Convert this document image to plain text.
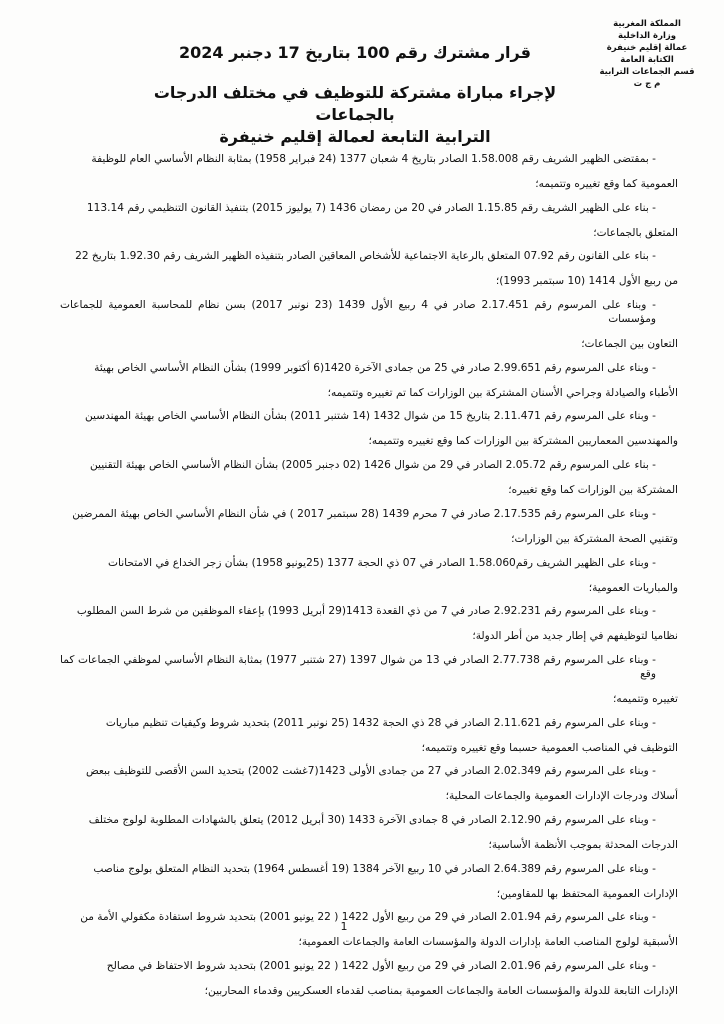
المملكة المغربية
وزارة الداخلية
عمالة إقليم خنيفرة
الكتابة العامة
قسم الجماعات الترابية
م ج ت

قرار مشترك رقم 100 بتاريخ 17 دجنبر 2024

لإجراء مباراة مشتركة للتوظيف في مختلف الدرجات بالجماعات

الترابية التابعة لعمالة إقليم خنيفرة

- بمقتضى الظهير الشريف رقم 1.58.008 الصادر بتاريخ 4 شعبان 1377 (24 فبراير 1958) بمثابة النظام الأساسي العام للوظيفة
العمومية كما وقع تغييره وتتميمه؛
- بناء على الظهير الشريف رقم 1.15.85 الصادر في 20 من رمضان 1436 (7 يوليوز 2015) بتنفيذ القانون التنظيمي رقم 113.14
المتعلق بالجماعات؛
- بناء على القانون رقم 07.92 المتعلق بالرعاية الاجتماعية للأشخاص المعاقين الصادر بتنفيذه الظهير الشريف رقم 1.92.30 بتاريخ 22
من ربيع الأول 1414 (10 سبتمبر 1993)؛
- وبناء على المرسوم رقم 2.17.451 صادر في 4 ربيع الأول 1439 (23 نونبر 2017) بسن نظام للمحاسبة العمومية للجماعات ومؤسسات
التعاون بين الجماعات؛
- وبناء على المرسوم رقم 2.99.651 صادر في 25 من جمادى الآخرة 1420(6 أكتوبر 1999) بشأن النظام الأساسي الخاص بهيئة
الأطباء والصيادلة وجراحي الأسنان المشتركة بين الوزارات كما تم تغييره وتتميمه؛
- وبناء على المرسوم رقم 2.11.471 بتاريخ 15 من شوال 1432 (14 شتنبر 2011) بشأن النظام الأساسي الخاص بهيئة المهندسين
والمهندسين المعماريين المشتركة بين الوزارات كما وقع تغييره وتتميمه؛
- بناء على المرسوم رقم 2.05.72 الصادر في 29 من شوال 1426 (02 دجنبر 2005) بشأن النظام الأساسي الخاص بهيئة التقنيين
المشتركة بين الوزارات كما وقع تغييره؛
- وبناء على المرسوم رقم 2.17.535 صادر في 7 محرم 1439 (28 سبتمبر 2017 ) في شأن النظام الأساسي الخاص بهيئة الممرضين
وتقنيي الصحة المشتركة بين الوزارات؛
- وبناء على الظهير الشريف رقم1.58.060 الصادر في 07 ذي الحجة 1377 (25يونيو 1958) بشأن زجر الخداع في الامتحانات
والمباريات العمومية؛
- وبناء على المرسوم رقم 2.92.231 صادر في 7 من ذي القعدة 1413(29 أبريل 1993) بإعفاء الموظفين من شرط السن المطلوب
نظاميا لتوظيفهم في إطار جديد من أطر الدولة؛
- وبناء على المرسوم رقم 2.77.738 الصادر في 13 من شوال 1397 (27 شتنبر 1977) بمثابة النظام الأساسي لموظفي الجماعات كما وقع
تغييره وتتميمه؛
- وبناء على المرسوم رقم 2.11.621 الصادر في 28 ذي الحجة 1432 (25 نونبر 2011) بتحديد شروط وكيفيات تنظيم مباريات
التوظيف في المناصب العمومية حسبما وقع تغييره وتتميمه؛
- وبناء على المرسوم رقم 2.02.349 الصادر في 27 من جمادى الأولى 1423(7غشت 2002) بتحديد السن الأقصى للتوظيف ببعض
أسلاك ودرجات الإدارات العمومية والجماعات المحلية؛
- وبناء على المرسوم رقم 2.12.90 الصادر في 8 جمادى الآخرة 1433 (30 أبريل 2012) يتعلق بالشهادات المطلوبة لولوج مختلف
الدرجات المحدثة بموجب الأنظمة الأساسية؛
- وبناء على المرسوم رقم 2.64.389 الصادر في 10 ربيع الآخر 1384 (19 أغسطس 1964) بتحديد النظام المتعلق بولوج مناصب
الإدارات العمومية المحتفظ بها للمقاومين؛
- وبناء على المرسوم رقم 2.01.94 الصادر في 29 من ربيع الأول 1422 ( 22 يونيو 2001) بتحديد شروط استفادة مكفولي الأمة من
الأسبقية لولوج المناصب العامة بإدارات الدولة والمؤسسات العامة والجماعات العمومية؛
- وبناء على المرسوم رقم 2.01.96 الصادر في 29 من ربيع الأول 1422 ( 22 يونيو 2001) بتحديد شروط الاحتفاظ في مصالح
الإدارات التابعة للدولة والمؤسسات العامة والجماعات العمومية بمناصب لقدماء العسكريين وقدماء المحاربين؛
1
